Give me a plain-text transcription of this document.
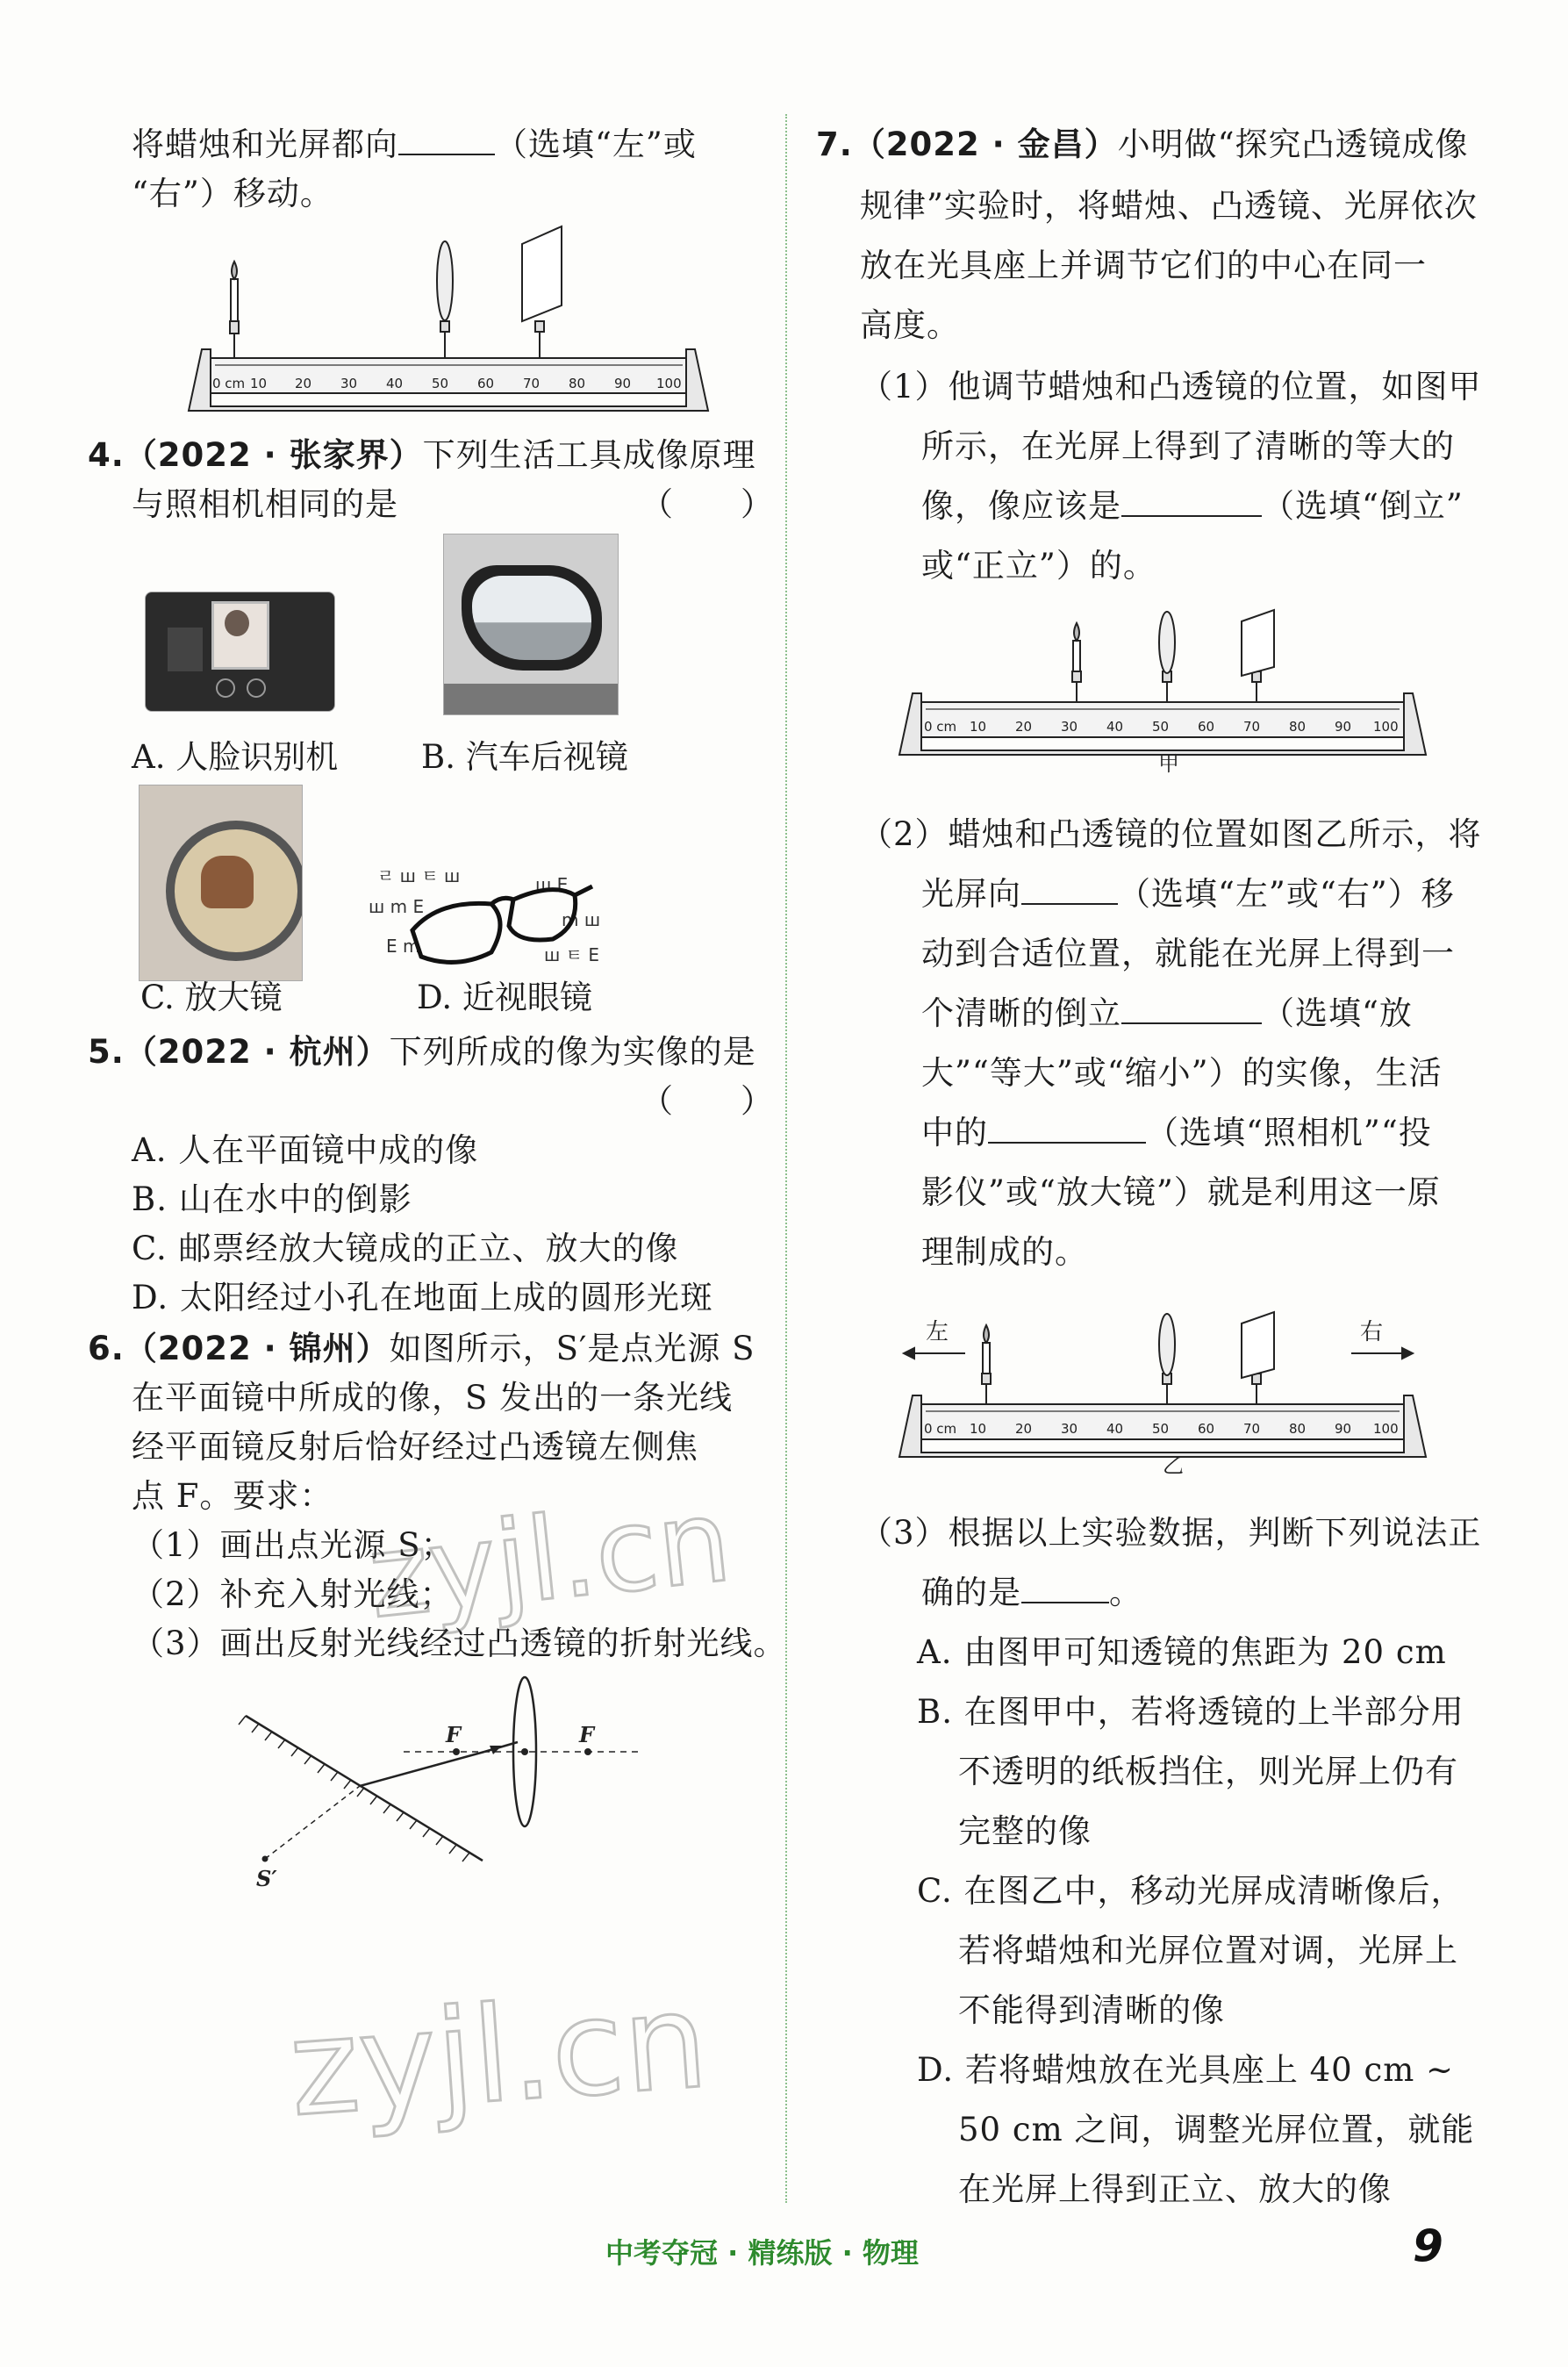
将蜡烛和光屏都向	（选填“左”或
“右”）移动。
0 cm 10 20 30 40 50 60 70 80 90 100
4.（2022 · 张家界）下列生活工具成像原理
与照相机相同的是	（　　）
A. 人脸识别机	B. 汽车后视镜
ㄹ ш ㅌ ш
ш m E
ш E
m ш
E m	ш ㅌ E
C. 放大镜	D. 近视眼镜
5.（2022 · 杭州）下列所成的像为实像的是
（　　）
A. 人在平面镜中成的像
B. 山在水中的倒影
C. 邮票经放大镜成的正立、放大的像
D. 太阳经过小孔在地面上成的圆形光斑
6.（2022 · 锦州）如图所示，S′是点光源 S
在平面镜中所成的像，S 发出的一条光线
经平面镜反射后恰好经过凸透镜左侧焦
点 F。要求：
（1）画出点光源 S；
（2）补充入射光线；
（3）画出反射光线经过凸透镜的折射光线。
F	F
S′
zyjl.cn
zyjl.cn
7.（2022 · 金昌）小明做“探究凸透镜成像
规律”实验时，将蜡烛、凸透镜、光屏依次
放在光具座上并调节它们的中心在同一
高度。
（1）他调节蜡烛和凸透镜的位置，如图甲
所示，在光屏上得到了清晰的等大的
像，像应该是	（选填“倒立”
或“正立”）的。
0 cm 10 20 30 40 50 60 70 80 90 100
甲
（2）蜡烛和凸透镜的位置如图乙所示，将
光屏向	（选填“左”或“右”）移
动到合适位置，就能在光屏上得到一
个清晰的倒立	（选填“放
大”“等大”或“缩小”）的实像，生活
中的	（选填“照相机”“投
影仪”或“放大镜”）就是利用这一原
理制成的。
左	右
0 cm 10 20 30 40 50 60 70 80 90 100
乙
（3）根据以上实验数据，判断下列说法正
确的是	。
A. 由图甲可知透镜的焦距为 20 cm
B. 在图甲中，若将透镜的上半部分用
不透明的纸板挡住，则光屏上仍有
完整的像
C. 在图乙中，移动光屏成清晰像后，
若将蜡烛和光屏位置对调，光屏上
不能得到清晰的像
D. 若将蜡烛放在光具座上 40 cm ~
50 cm 之间，调整光屏位置，就能
在光屏上得到正立、放大的像
中考夺冠 · 精练版 · 物理	9
